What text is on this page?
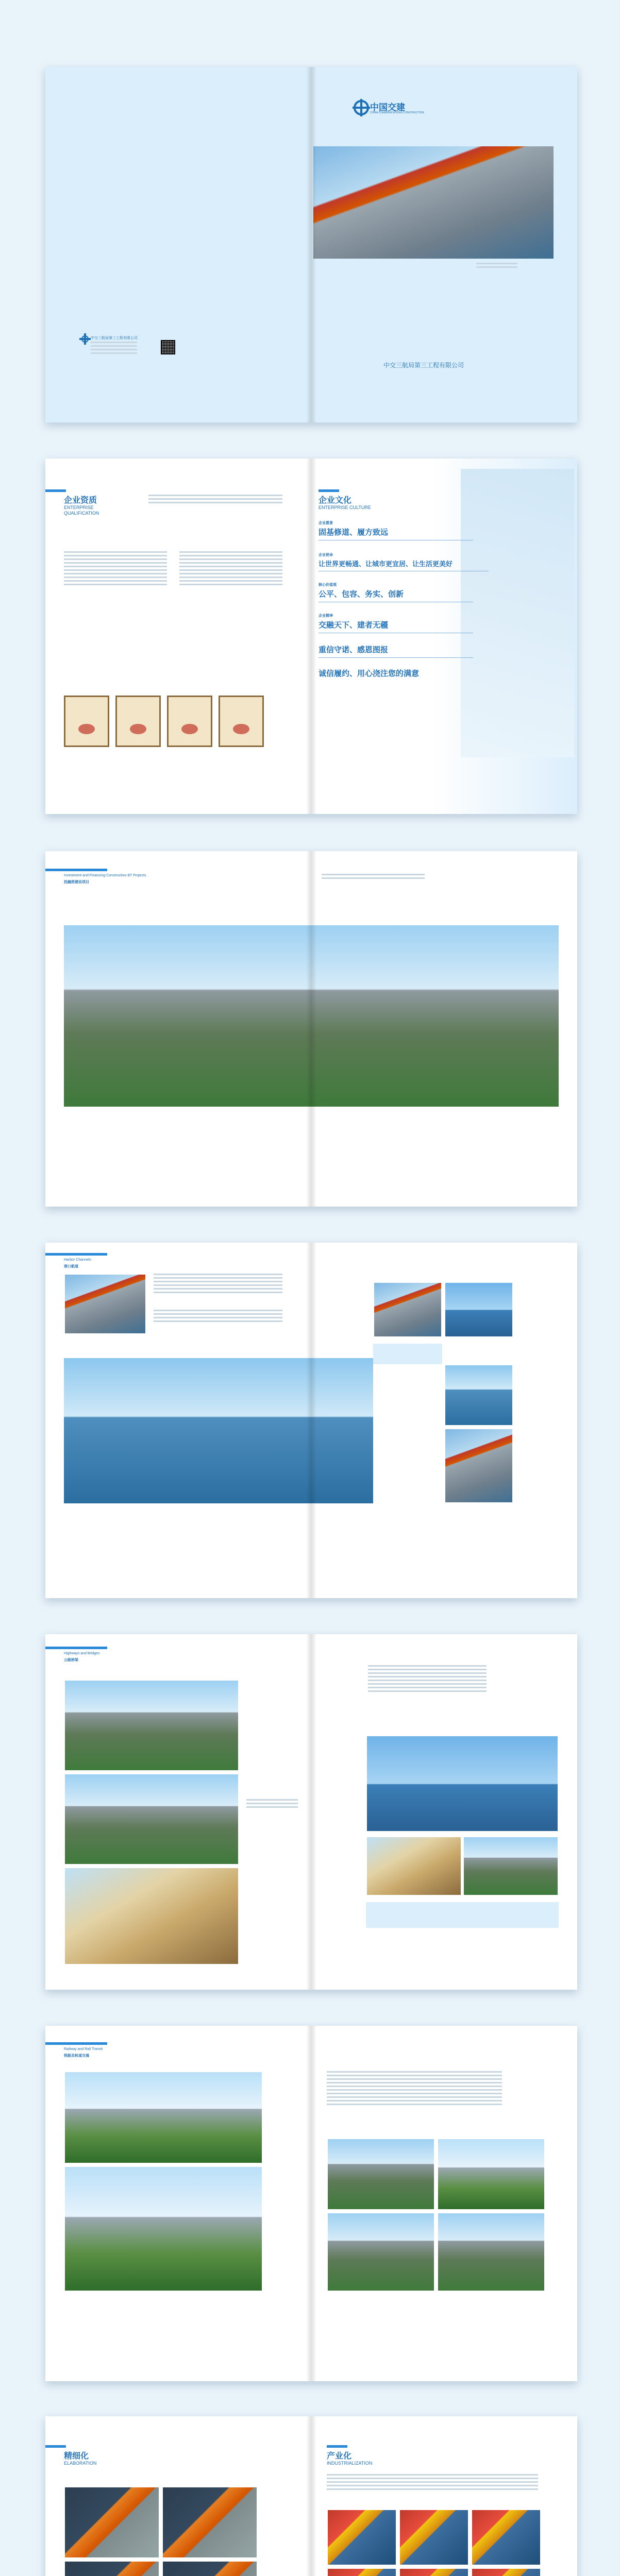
中交三航局第三工程有限公司
中国交建
CHINA COMMUNICATIONS CONSTRUCTION
中交三航局第三工程有限公司
企业资质
ENTERPRISE
QUALIFICATION
企业文化
ENTERPRISE CULTURE
企业愿景
固基修道、履方致远
企业使命
让世界更畅通、让城市更宜居、让生活更美好
核心价值观
公平、包容、务实、创新
企业精神
交融天下、建者无疆
重信守诺、感恩图报
诚信履约、用心浇注您的满意
Investment and Financing Construction BT Projects
投融资建设项目
Harbor Channels
港口航道
Highways and Bridges
公路桥梁
Railway and Rail Transit
铁路及轨道交通
精细化
ELABORATION
产业化
INDUSTRIALIZATION
